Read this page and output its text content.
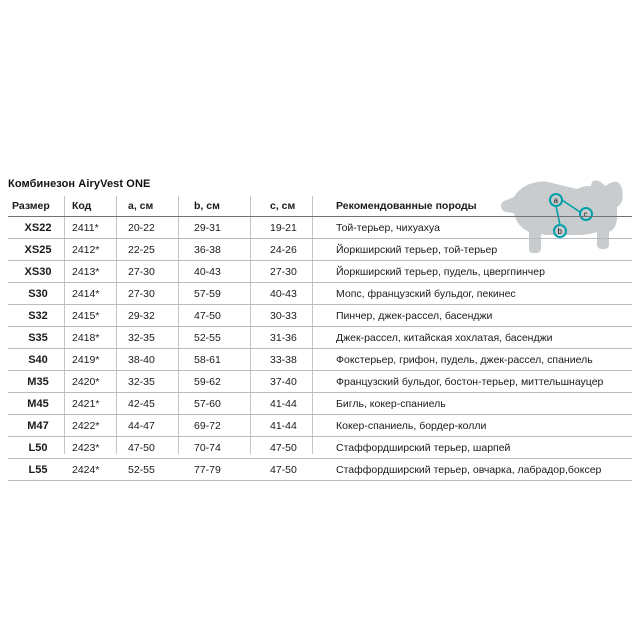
Комбинезон AiryVest ONE
a
b
c
Размер	Код	a, см	b, см	c, см	Рекомендованные породы
XS22	2411*	20-22	29-31	19-21	Той-терьер, чихуахуа
XS25	2412*	22-25	36-38	24-26	Йоркширский терьер, той-терьер
XS30	2413*	27-30	40-43	27-30	Йоркширский терьер, пудель, цвергпинчер
S30	2414*	27-30	57-59	40-43	Мопс, французский бульдог, пекинес
S32	2415*	29-32	47-50	30-33	Пинчер, джек-рассел, басенджи
S35	2418*	32-35	52-55	31-36	Джек-рассел, китайская хохлатая, басенджи
S40	2419*	38-40	58-61	33-38	Фокстерьер, грифон, пудель, джек-рассел, спаниель
M35	2420*	32-35	59-62	37-40	Французский бульдог, бостон-терьер, миттельшнауцер
M45	2421*	42-45	57-60	41-44	Бигль, кокер-спаниель
M47	2422*	44-47	69-72	41-44	Кокер-спаниель, бордер-колли
L50	2423*	47-50	70-74	47-50	Стаффордширский терьер, шарпей
L55	2424*	52-55	77-79	47-50	Стаффордширский терьер, овчарка, лабрадор,боксер
